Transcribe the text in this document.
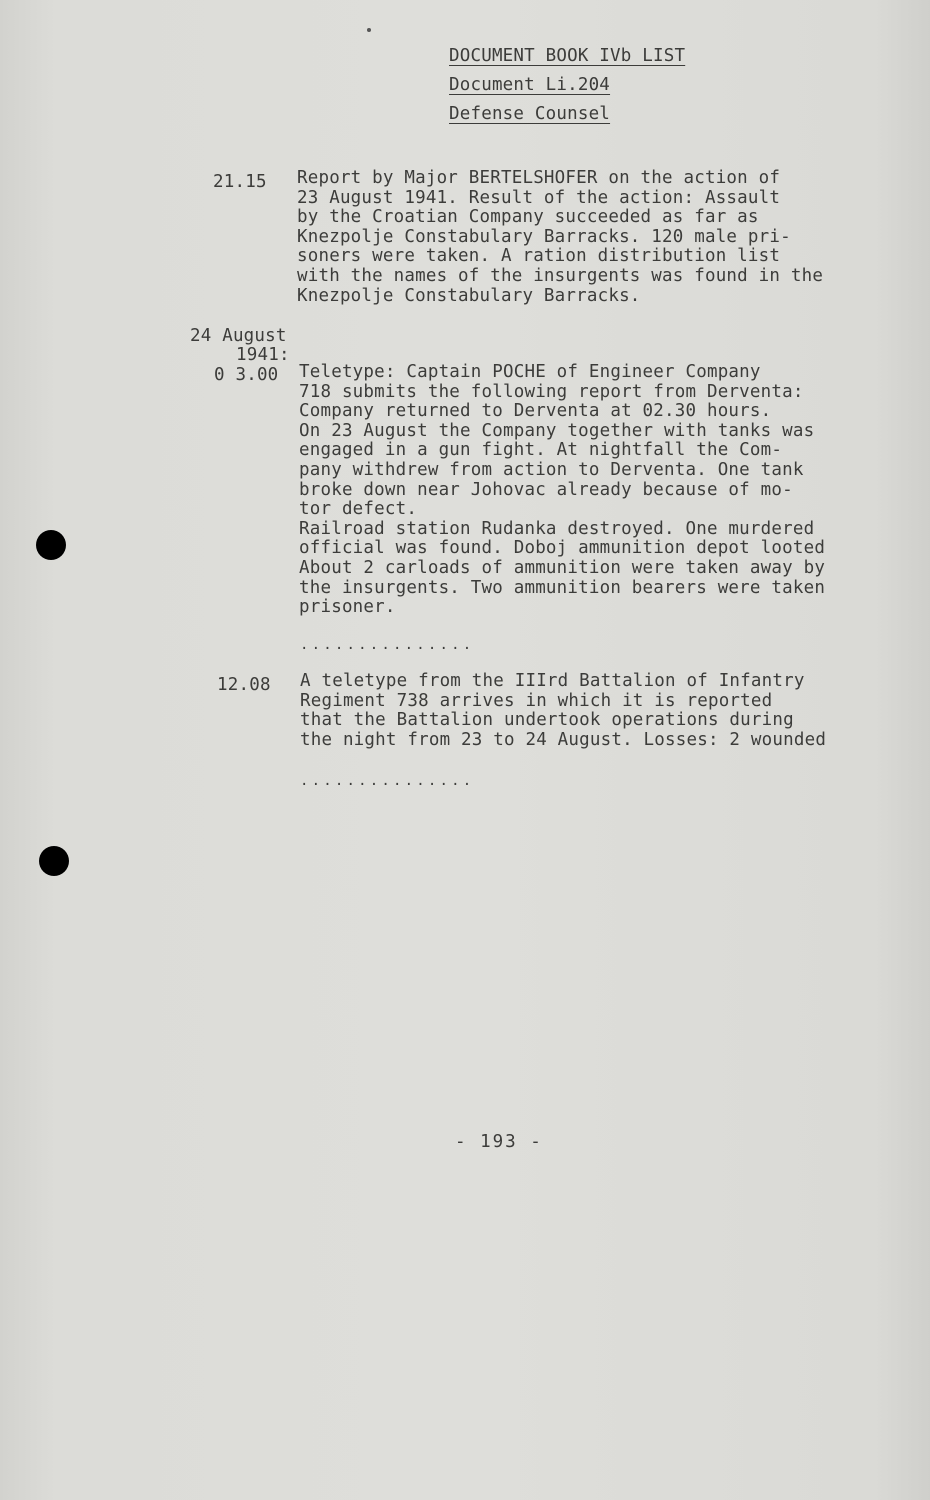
DOCUMENT BOOK IVb LIST
Document Li.204
Defense Counsel
21.15 Report by Major BERTELSHOFER on the action of
23 August 1941. Result of the action: Assault
by the Croatian Company succeeded as far as
Knezpolje Constabulary Barracks. 120 male pri-
soners were taken. A ration distribution list
with the names of the insurgents was found in the
Knezpolje Constabulary Barracks.
24 August
1941:
0 3.00 Teletype: Captain POCHE of Engineer Company
718 submits the following report from Derventa:
Company returned to Derventa at 02.30 hours.
On 23 August the Company together with tanks was
engaged in a gun fight. At nightfall the Com-
pany withdrew from action to Derventa. One tank
broke down near Johovac already because of mo-
tor defect.
Railroad station Rudanka destroyed. One murdered
official was found. Doboj ammunition depot looted
About 2 carloads of ammunition were taken away by
the insurgents. Two ammunition bearers were taken
prisoner.
...............
12.08 A teletype from the IIIrd Battalion of Infantry
Regiment 738 arrives in which it is reported
that the Battalion undertook operations during
the night from 23 to 24 August. Losses: 2 wounded
...............
- 193 -
